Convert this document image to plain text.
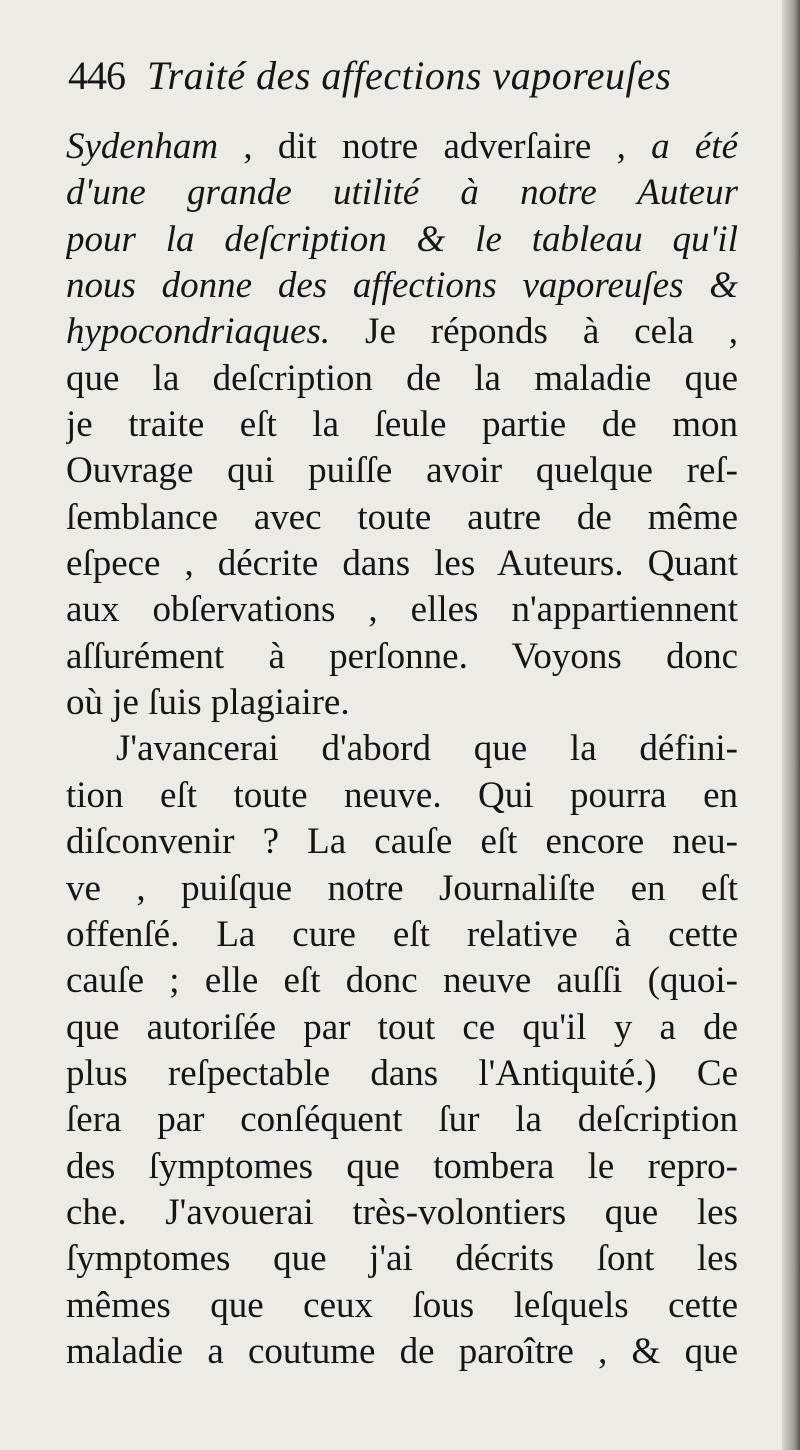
446 Traité des affections vaporeuſes
Sydenham , dit notre adverſaire , a été
d'une grande utilité à notre Auteur
pour la deſcription & le tableau qu'il
nous donne des affections vaporeuſes &
hypocondriaques. Je réponds à cela ,
que la deſcription de la maladie que
je traite eſt la ſeule partie de mon
Ouvrage qui puiſſe avoir quelque reſ-
ſemblance avec toute autre de même
eſpece , décrite dans les Auteurs. Quant
aux obſervations , elles n'appartiennent
aſſurément à perſonne. Voyons donc
où je ſuis plagiaire.
J'avancerai d'abord que la défini-
tion eſt toute neuve. Qui pourra en
diſconvenir ? La cauſe eſt encore neu-
ve , puiſque notre Journaliſte en eſt
offenſé. La cure eſt relative à cette
cauſe ; elle eſt donc neuve auſſi (quoi-
que autoriſée par tout ce qu'il y a de
plus reſpectable dans l'Antiquité.) Ce
ſera par conſéquent ſur la deſcription
des ſymptomes que tombera le repro-
che. J'avouerai très-volontiers que les
ſymptomes que j'ai décrits ſont les
mêmes que ceux ſous leſquels cette
maladie a coutume de paroître , & que
